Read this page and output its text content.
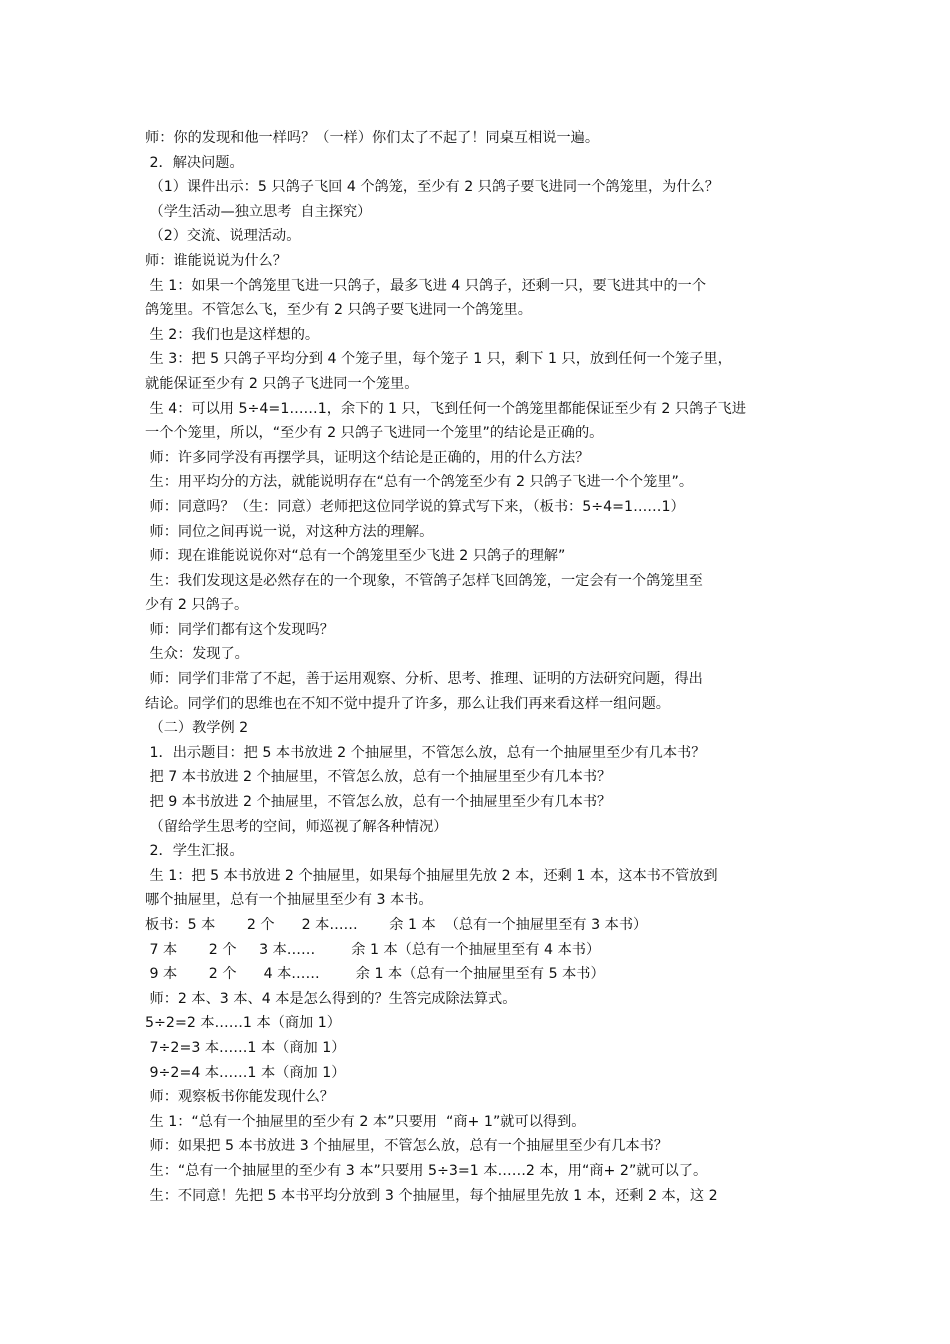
师：你的发现和他一样吗？（一样）你们太了不起了！同桌互相说一遍。
2．解决问题。
（1）课件出示：5 只鸽子飞回 4 个鸽笼，至少有 2 只鸽子要飞进同一个鸽笼里，为什么？
（学生活动—独立思考  自主探究）
（2）交流、说理活动。
师：谁能说说为什么？
生 1：如果一个鸽笼里飞进一只鸽子，最多飞进 4 只鸽子，还剩一只，要飞进其中的一个
鸽笼里。不管怎么飞，至少有 2 只鸽子要飞进同一个鸽笼里。
生 2：我们也是这样想的。
生 3：把 5 只鸽子平均分到 4 个笼子里，每个笼子 1 只，剩下 1 只，放到任何一个笼子里，
就能保证至少有 2 只鸽子飞进同一个笼里。
生 4：可以用 5÷4=1……1，余下的 1 只，飞到任何一个鸽笼里都能保证至少有 2 只鸽子飞进
一个个笼里，所以，“至少有 2 只鸽子飞进同一个笼里”的结论是正确的。
师：许多同学没有再摆学具，证明这个结论是正确的，用的什么方法？
生：用平均分的方法，就能说明存在“总有一个鸽笼至少有 2 只鸽子飞进一个个笼里”。
师：同意吗？（生：同意）老师把这位同学说的算式写下来，（板书：5÷4=1……1）
师：同位之间再说一说，对这种方法的理解。
师：现在谁能说说你对“总有一个鸽笼里至少飞进 2 只鸽子的理解”
生：我们发现这是必然存在的一个现象，不管鸽子怎样飞回鸽笼，一定会有一个鸽笼里至
少有 2 只鸽子。
师：同学们都有这个发现吗？
生众：发现了。
师：同学们非常了不起，善于运用观察、分析、思考、推理、证明的方法研究问题，得出
结论。同学们的思维也在不知不觉中提升了许多，那么让我们再来看这样一组问题。
（二）教学例 2
1．出示题目：把 5 本书放进 2 个抽屉里，不管怎么放，总有一个抽屉里至少有几本书？
把 7 本书放进 2 个抽屉里，不管怎么放，总有一个抽屉里至少有几本书？
把 9 本书放进 2 个抽屉里，不管怎么放，总有一个抽屉里至少有几本书？
（留给学生思考的空间，师巡视了解各种情况）
2．学生汇报。
生 1：把 5 本书放进 2 个抽屉里，如果每个抽屉里先放 2 本，还剩 1 本，这本书不管放到
哪个抽屉里，总有一个抽屉里至少有 3 本书。
板书：5 本       2 个      2 本……       余 1 本  （总有一个抽屉里至有 3 本书）
7 本       2 个     3 本……        余 1 本（总有一个抽屉里至有 4 本书）
9 本       2 个      4 本……        余 1 本（总有一个抽屉里至有 5 本书）
师：2 本、3 本、4 本是怎么得到的？生答完成除法算式。
5÷2=2 本……1 本（商加 1）
7÷2=3 本……1 本（商加 1）
9÷2=4 本……1 本（商加 1）
师：观察板书你能发现什么？
生 1：“总有一个抽屉里的至少有 2 本”只要用  “商+ 1”就可以得到。
师：如果把 5 本书放进 3 个抽屉里，不管怎么放，总有一个抽屉里至少有几本书？
生：“总有一个抽屉里的至少有 3 本”只要用 5÷3=1 本……2 本，用“商+ 2”就可以了。
生：不同意！先把 5 本书平均分放到 3 个抽屉里，每个抽屉里先放 1 本，还剩 2 本，这 2
